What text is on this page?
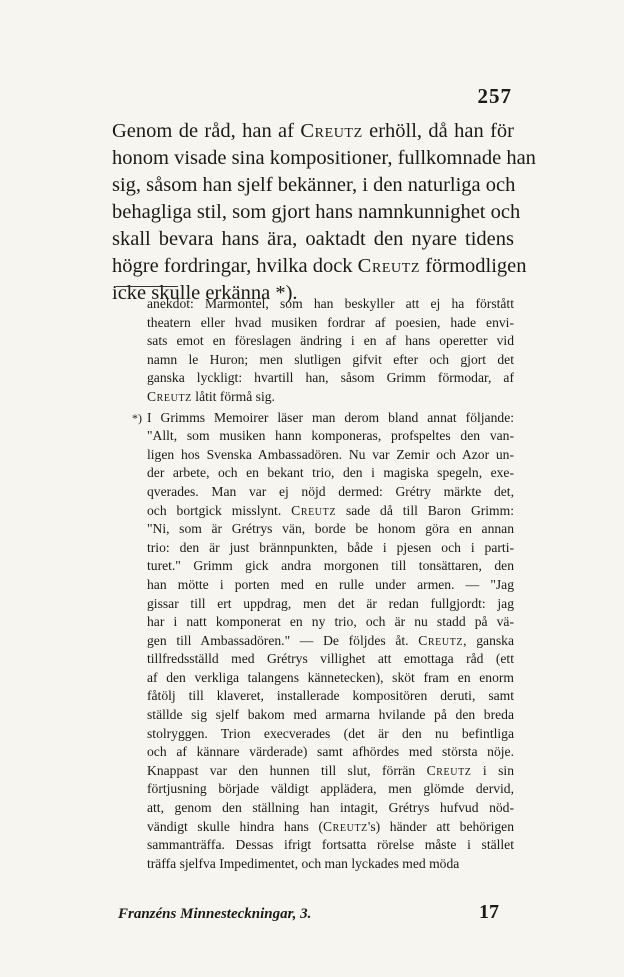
257
Genom de råd, han af Creutz erhöll, då han för
honom visade sina kompositioner, fullkomnade han
sig, såsom han sjelf bekänner, i den naturliga och
behagliga stil, som gjort hans namnkunnighet och
skall bevara hans ära, oaktadt den nyare tidens
högre fordringar, hvilka dock Creutz förmodligen
icke skulle erkänna *).
anekdot: Marmontel, som han beskyller att ej ha förstått
theatern eller hvad musiken fordrar af poesien, hade envi-
sats emot en föreslagen ändring i en af hans operetter vid
namn le Huron; men slutligen gifvit efter och gjort det
ganska lyckligt: hvartill han, såsom Grimm förmodar, af
Creutz låtit förmå sig.
*) I Grimms Memoirer läser man derom bland annat följande:
"Allt, som musiken hann komponeras, profspeltes den van-
ligen hos Svenska Ambassadören. Nu var Zemir och Azor un-
der arbete, och en bekant trio, den i magiska spegeln, exe-
qverades. Man var ej nöjd dermed: Grétry märkte det,
och bortgick misslynt. Creutz sade då till Baron Grimm:
"Ni, som är Grétrys vän, borde be honom göra en annan
trio: den är just brännpunkten, både i pjesen och i parti-
turet." Grimm gick andra morgonen till tonsättaren, den
han mötte i porten med en rulle under armen. — "Jag
gissar till ert uppdrag, men det är redan fullgjordt: jag
har i natt komponerat en ny trio, och är nu stadd på vä-
gen till Ambassadören." — De följdes åt. Creutz, ganska
tillfredsställd med Grétrys villighet att emottaga råd (ett
af den verkliga talangens kännetecken), sköt fram en enorm
fåtölj till klaveret, installerade kompositören deruti, samt
ställde sig sjelf bakom med armarna hvilande på den breda
stolryggen. Trion execverades (det är den nu befintliga
och af kännare värderade) samt afhördes med största nöje.
Knappast var den hunnen till slut, förrän Creutz i sin
förtjusning började väldigt applädera, men glömde dervid,
att, genom den ställning han intagit, Grétrys hufvud nöd-
vändigt skulle hindra hans (Creutz's) händer att behörigen
sammanträffa. Dessas ifrigt fortsatta rörelse måste i stället
träffa sjelfva Impedimentet, och man lyckades med möda
Franzéns Minnesteckningar, 3.	17
